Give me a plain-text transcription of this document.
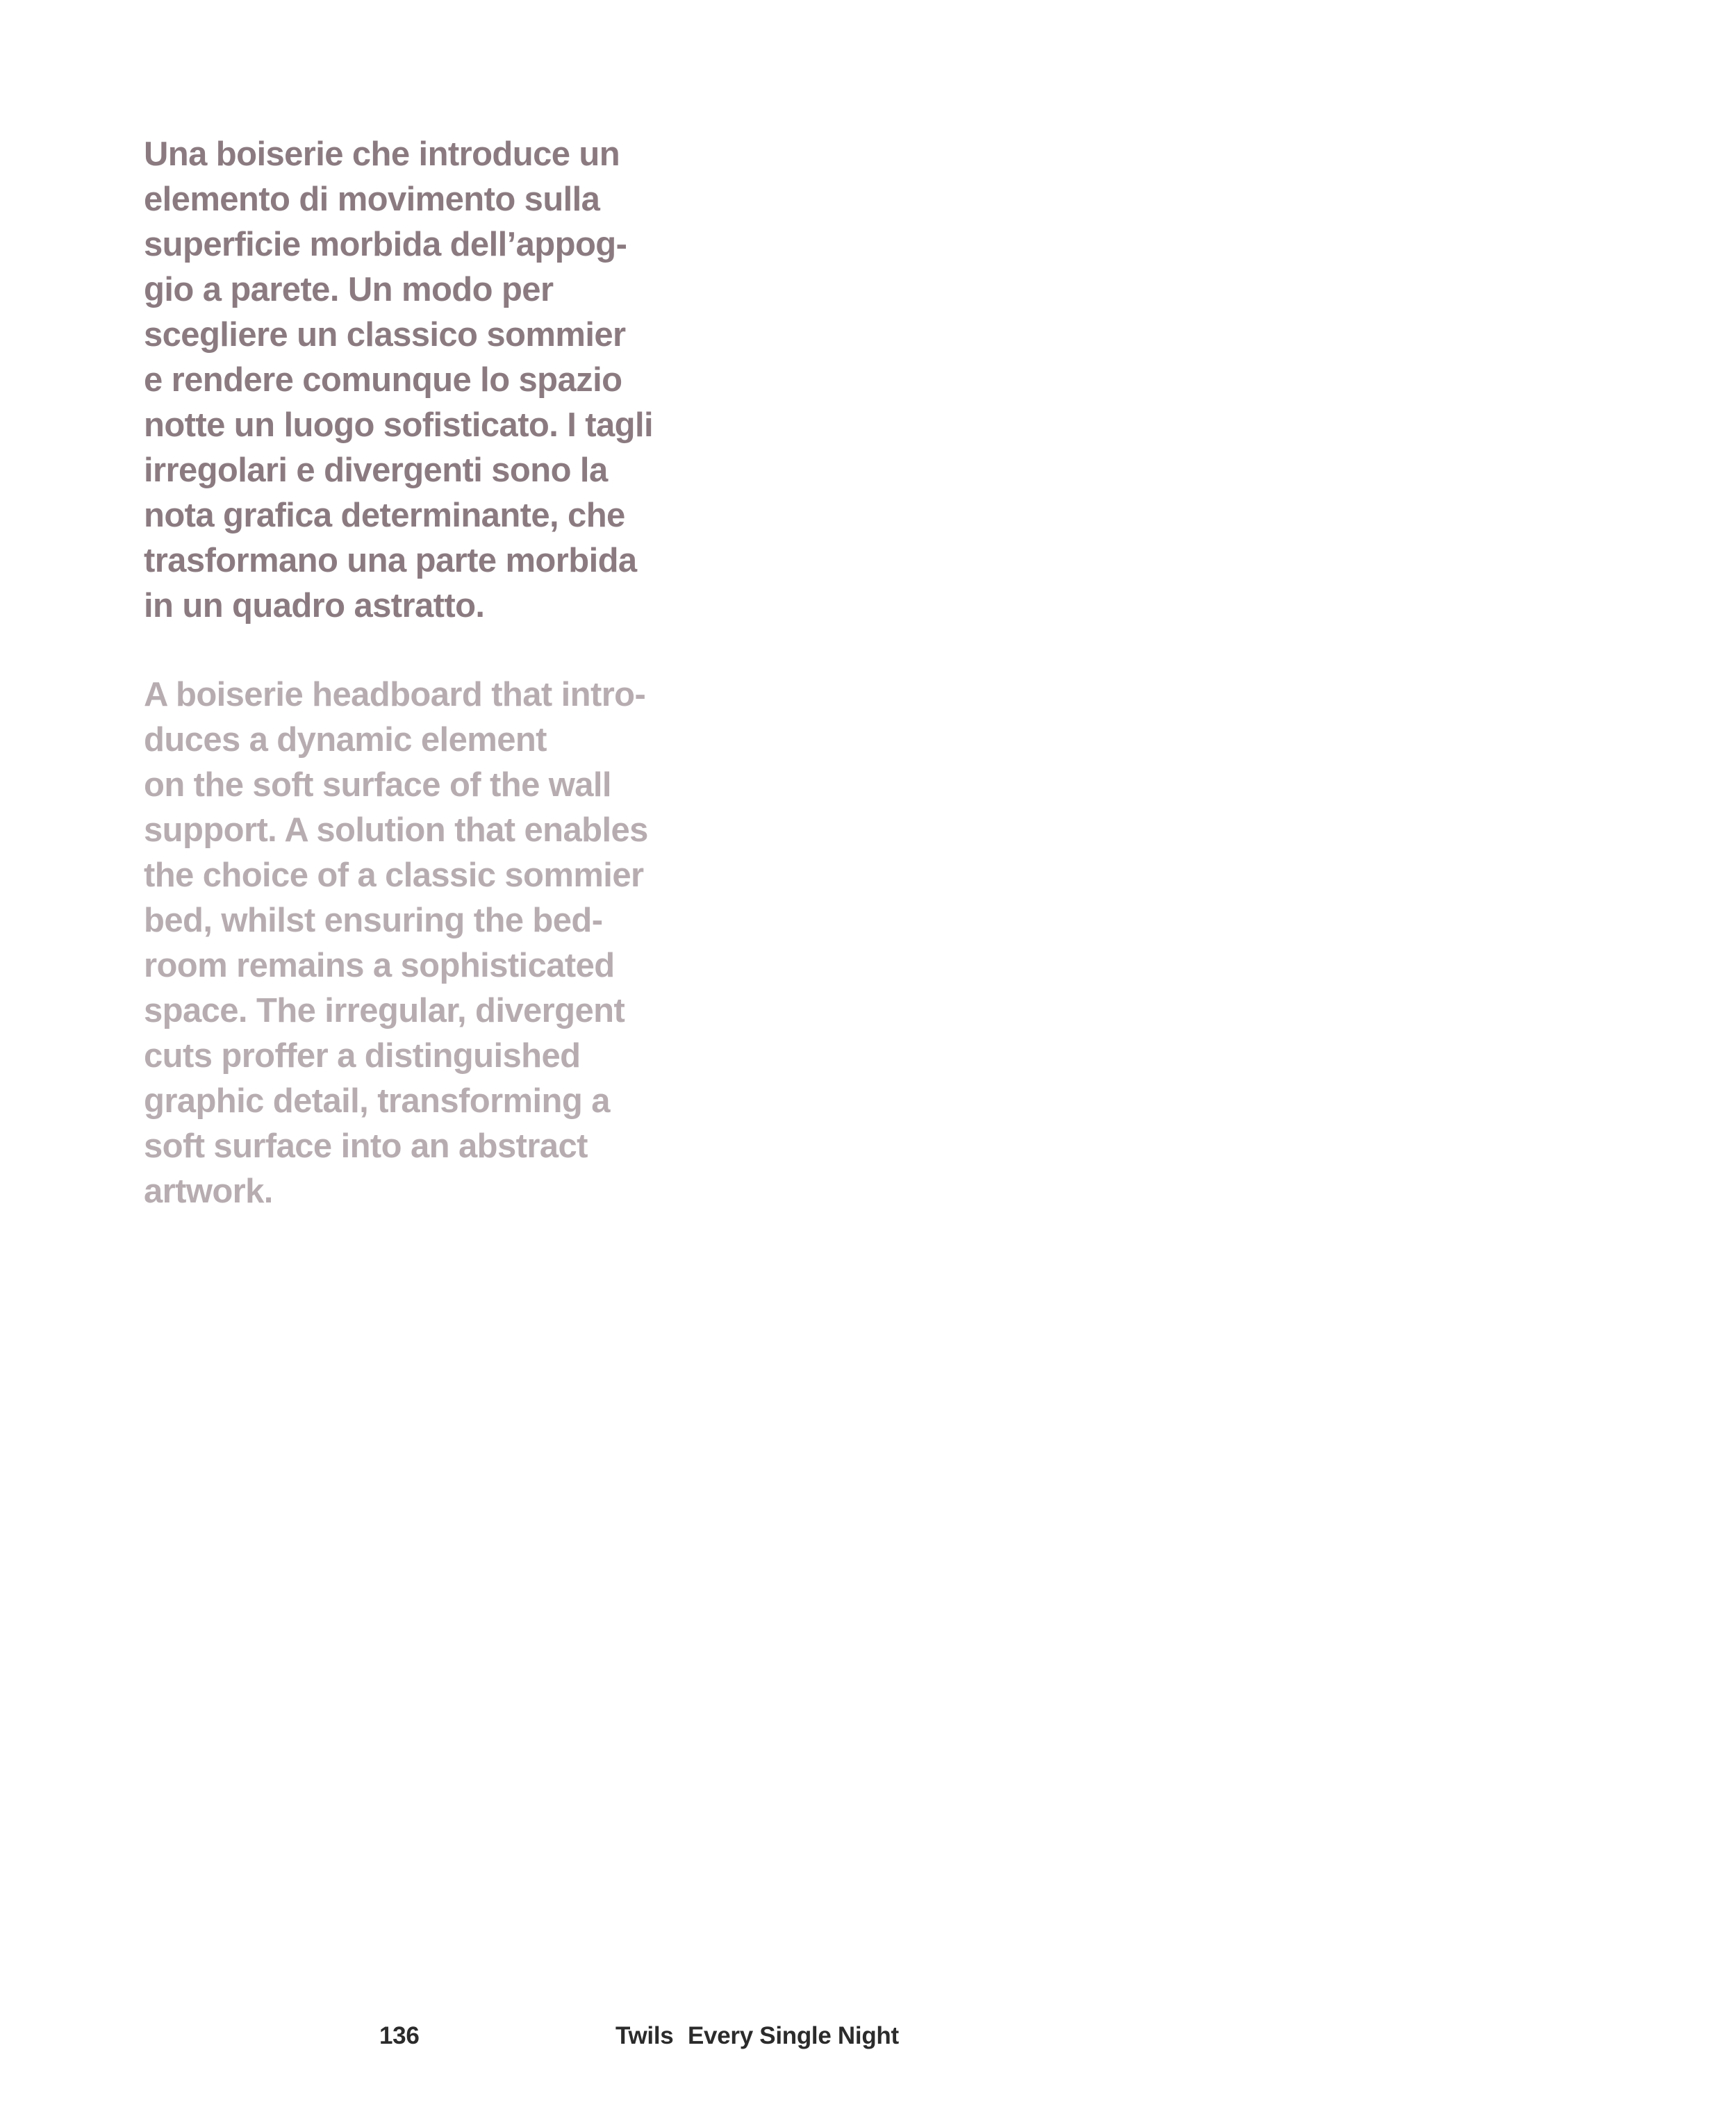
Una boiserie che introduce un
elemento di movimento sulla
superficie morbida dell’appog-
gio a parete. Un modo per
scegliere un classico sommier
e rendere comunque lo spazio
notte un luogo sofisticato. I tagli
irregolari e divergenti sono la
nota grafica determinante, che
trasformano una parte morbida
in un quadro astratto.
A boiserie headboard that intro-
duces a dynamic element
on the soft surface of the wall
support. A solution that enables
the choice of a classic sommier
bed, whilst ensuring the bed-
room remains a sophisticated
space. The irregular, divergent
cuts proffer a distinguished
graphic detail, transforming a
soft surface into an abstract
artwork.
136	Twils Every Single Night
